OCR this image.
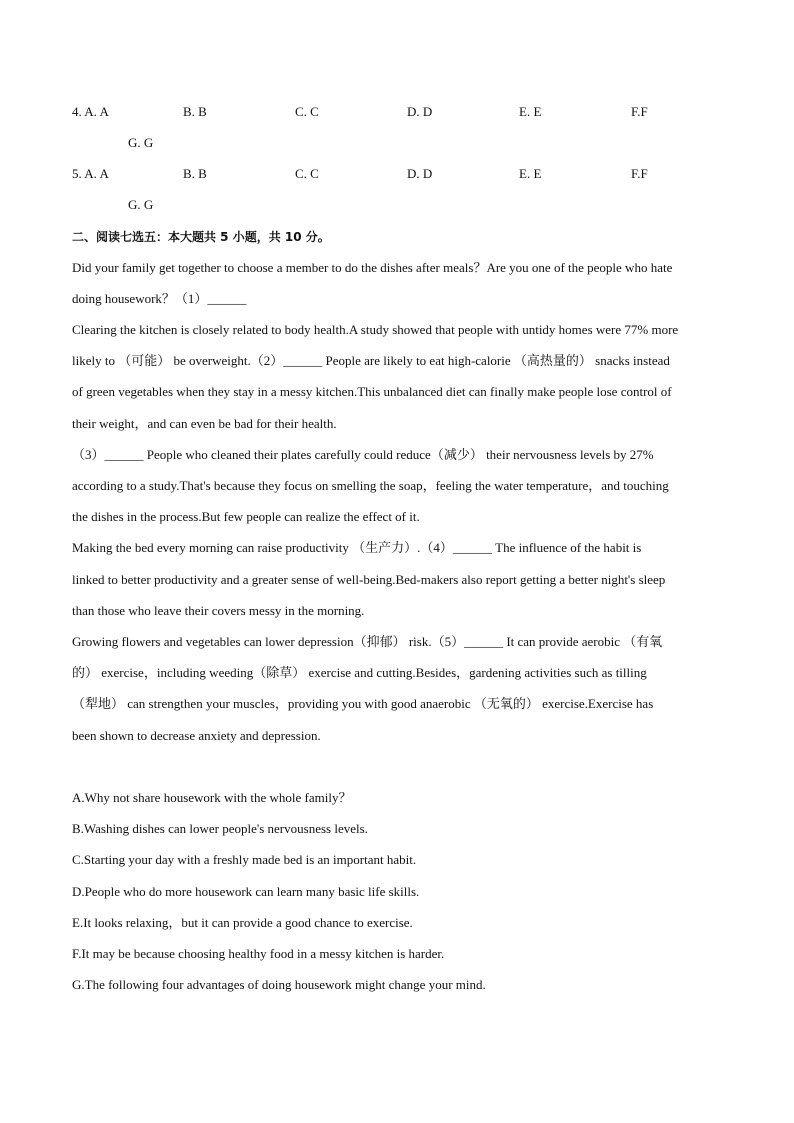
4. A. A	B. B	C. C	D. D	E. E	F.F
G. G
5. A. A	B. B	C. C	D. D	E. E	F.F
G. G
二、阅读七选五：本大题共 5 小题，共 10 分。
Did your family get together to choose a member to do the dishes after meals？Are you one of the people who hate
doing housework？（1）______
Clearing the kitchen is closely related to body health.A study showed that people with untidy homes were 77% more
likely to （可能） be overweight.（2）______ People are likely to eat high-calorie （高热量的） snacks instead
of green vegetables when they stay in a messy kitchen.This unbalanced diet can finally make people lose control of
their weight，and can even be bad for their health.
（3）______ People who cleaned their plates carefully could reduce（减少） their nervousness levels by 27%
according to a study.That's because they focus on smelling the soap，feeling the water temperature，and touching
the dishes in the process.But few people can realize the effect of it.
Making the bed every morning can raise productivity （生产力）.（4）______ The influence of the habit is
linked to better productivity and a greater sense of well-being.Bed-makers also report getting a better night's sleep
than those who leave their covers messy in the morning.
Growing flowers and vegetables can lower depression（抑郁） risk.（5）______ It can provide aerobic （有氧
的） exercise，including weeding（除草） exercise and cutting.Besides，gardening activities such as tilling
（犁地） can strengthen your muscles，providing you with good anaerobic （无氧的） exercise.Exercise has
been shown to decrease anxiety and depression.
A.Why not share housework with the whole family？
B.Washing dishes can lower people's nervousness levels.
C.Starting your day with a freshly made bed is an important habit.
D.People who do more housework can learn many basic life skills.
E.It looks relaxing，but it can provide a good chance to exercise.
F.It may be because choosing healthy food in a messy kitchen is harder.
G.The following four advantages of doing housework might change your mind.
